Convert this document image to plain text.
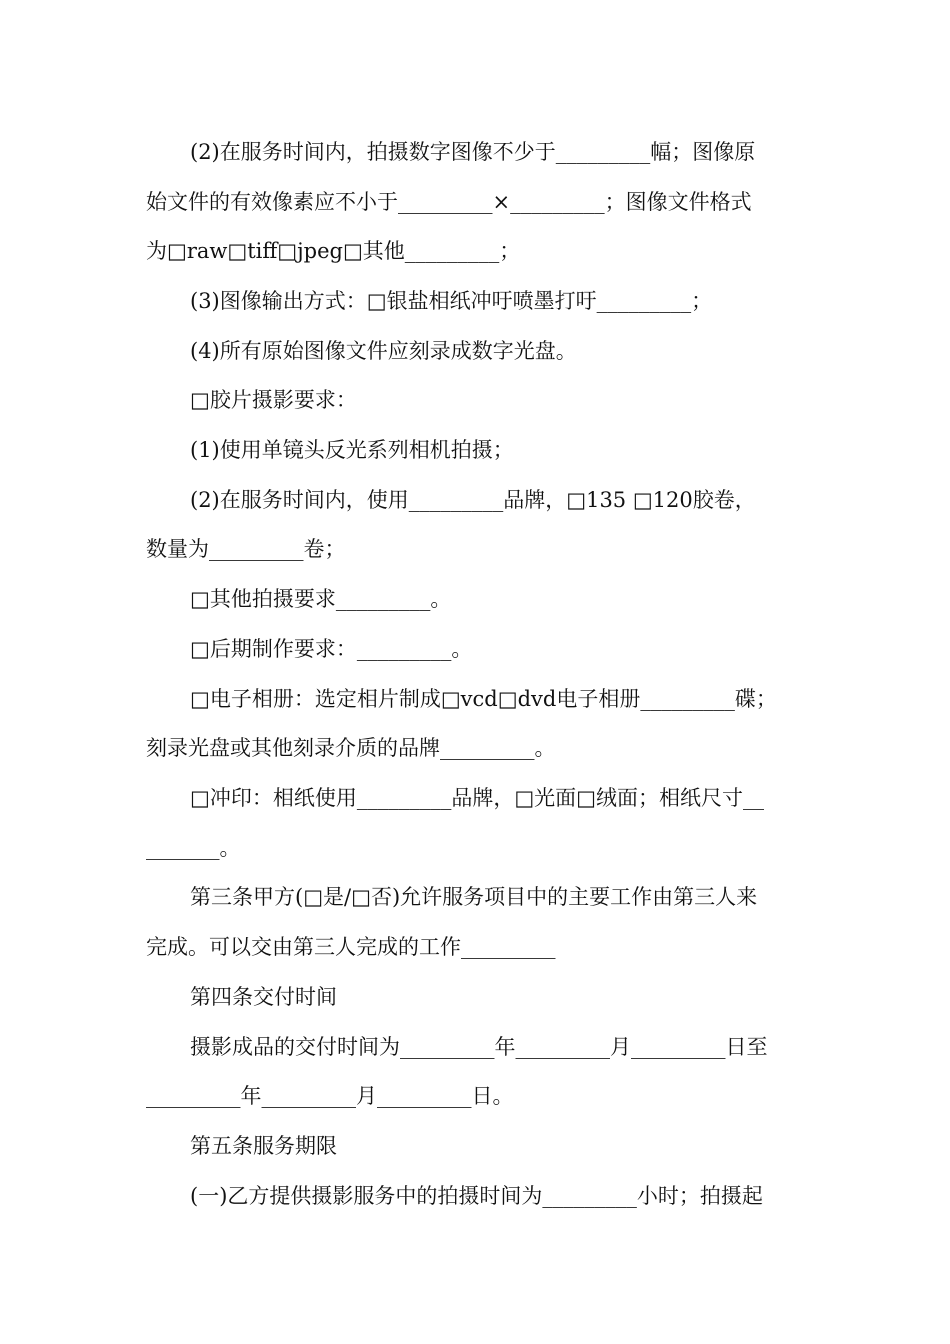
(2)在服务时间内，拍摄数字图像不少于_________幅；图像原
始文件的有效像素应不小于_________×_________；图像文件格式
为□raw□tiff□jpeg□其他_________；
(3)图像输出方式：□银盐相纸冲吁喷墨打吁_________；
(4)所有原始图像文件应刻录成数字光盘。
□胶片摄影要求：
(1)使用单镜头反光系列相机拍摄；
(2)在服务时间内，使用_________品牌，□135 □120胶卷，
数量为_________卷；
□其他拍摄要求_________。
□后期制作要求：_________。
□电子相册：选定相片制成□vcd□dvd电子相册_________碟；
刻录光盘或其他刻录介质的品牌_________。
□冲印：相纸使用_________品牌，□光面□绒面；相纸尺寸__
_______。
第三条甲方(□是/□否)允许服务项目中的主要工作由第三人来
完成。可以交由第三人完成的工作_________
第四条交付时间
摄影成品的交付时间为_________年_________月_________日至
_________年_________月_________日。
第五条服务期限
(一)乙方提供摄影服务中的拍摄时间为_________小时；拍摄起
